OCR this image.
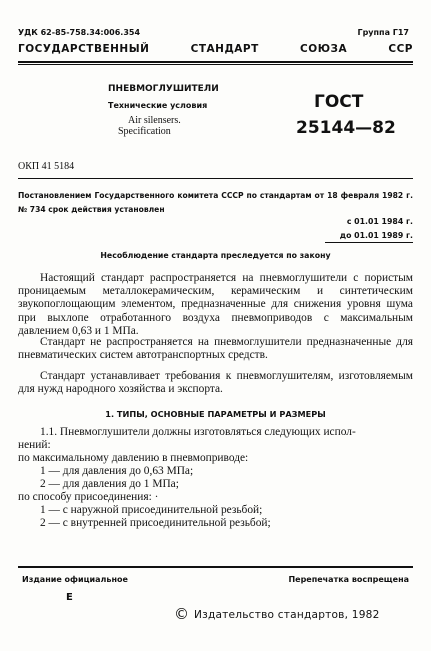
УДК 62-85-758.34:006.354	Группа Г17
ГОСУДАРСТВЕННЫЙ СТАНДАРТ СОЮЗА ССР
ПНЕВМОГЛУШИТЕЛИ
Технические условия
Air silensers.
Specification
ГОСТ
25144—82
ОКП 41 5184
Постановлением Государственного комитета СССР по стандартам от 18 февраля 1982 г. № 734 срок действия установлен
с 01.01 1984 г.
до 01.01 1989 г.
Несоблюдение стандарта преследуется по закону
Настоящий стандарт распространяется на пневмоглушители с пористым проницаемым металлокерамическим, керамическим и синтетическим звукопоглощающим элементом, предназначенные для снижения уровня шума при выхлопе отработанного воздуха пневмоприводов с максимальным давлением 0,63 и 1 МПа.
Стандарт не распространяется на пневмоглушители предназначенные для пневматических систем автотранспортных средств.
Стандарт устанавливает требования к пневмоглушителям, изготовляемым для нужд народного хозяйства и экспорта.
1. ТИПЫ, ОСНОВНЫЕ ПАРАМЕТРЫ И РАЗМЕРЫ
1.1. Пневмоглушители должны изготовляться следующих испол-
нений:
по максимальному давлению в пневмоприводе:
1 — для давления до 0,63 МПа;
2 — для давления до 1 МПа;
по способу присоединения: ·
1 — с наружной присоединительной резьбой;
2 — с внутренней присоединительной резьбой;
Издание официальное	Перепечатка воспрещена
Е
© Издательство стандартов, 1982
